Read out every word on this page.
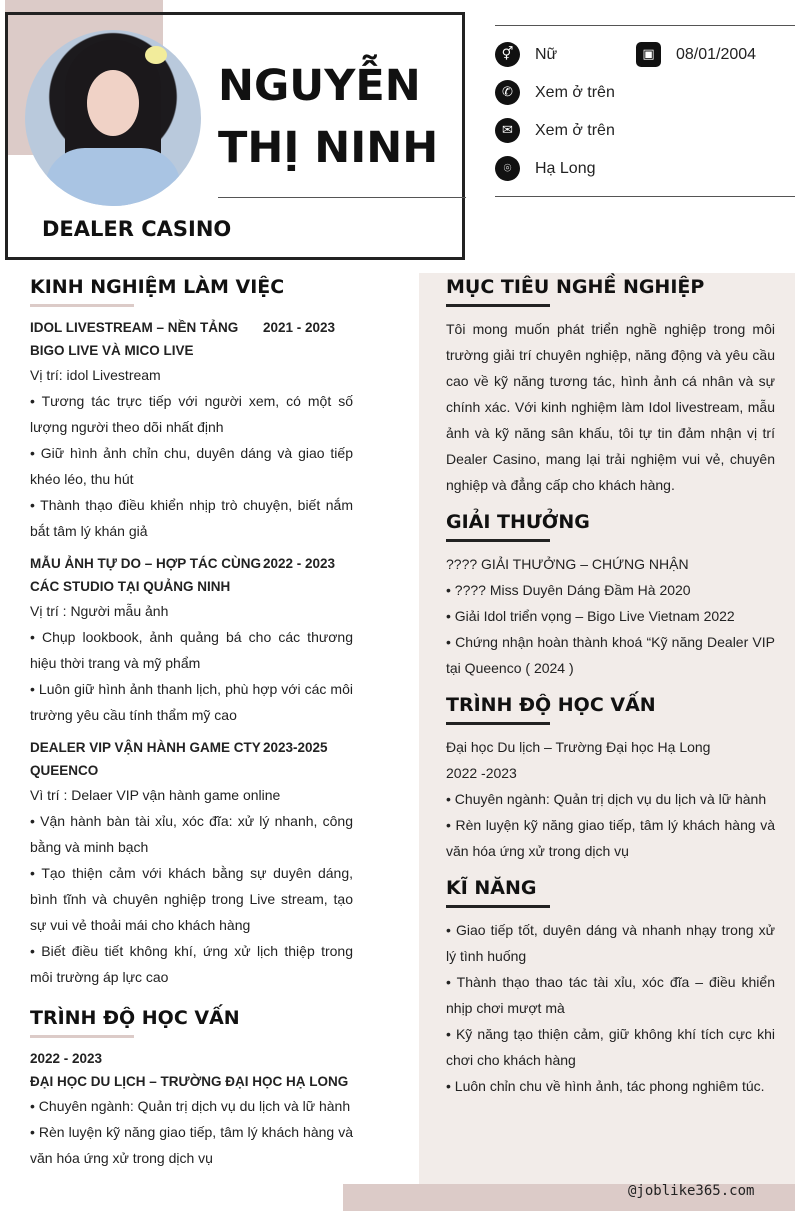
NGUYỄN
THỊ NINH
DEALER CASINO
⚥	Nữ	▣	08/01/2004
✆	Xem ở trên
✉	Xem ở trên
⌾	Hạ Long
KINH NGHIỆM LÀM VIỆC
IDOL LIVESTREAM – NỀN TẢNG BIGO LIVE VÀ MICO LIVE
2021 - 2023

Vị trí: idol Livestream

• Tương tác trực tiếp với người xem, có một số lượng người theo dõi nhất định

• Giữ hình ảnh chỉn chu, duyên dáng và giao tiếp khéo léo, thu hút

• Thành thạo điều khiển nhịp trò chuyện, biết nắm bắt tâm lý khán giả

MẪU ẢNH TỰ DO – HỢP TÁC CÙNG CÁC STUDIO TẠI QUẢNG NINH
2022 - 2023

Vị trí : Người mẫu ảnh

• Chụp lookbook, ảnh quảng bá cho các thương hiệu thời trang và mỹ phẩm

• Luôn giữ hình ảnh thanh lịch, phù hợp với các môi trường yêu cầu tính thẩm mỹ cao

DEALER VIP VẬN HÀNH GAME CTY QUEENCO
2023-2025

Vì trí : Delaer VIP vận hành game online

• Vận hành bàn tài xỉu, xóc đĩa: xử lý nhanh, công bằng và minh bạch

• Tạo thiện cảm với khách bằng sự duyên dáng, bình tĩnh và chuyên nghiệp trong Live stream, tạo sự vui vẻ thoải mái cho khách hàng

• Biết điều tiết không khí, ứng xử lịch thiệp trong môi trường áp lực cao

TRÌNH ĐỘ HỌC VẤN
2022 - 2023
ĐẠI HỌC DU LỊCH – TRƯỜNG ĐẠI HỌC HẠ LONG

• Chuyên ngành: Quản trị dịch vụ du lịch và lữ hành

• Rèn luyện kỹ năng giao tiếp, tâm lý khách hàng và văn hóa ứng xử trong dịch vụ

MỤC TIÊU NGHỀ NGHIỆP

Tôi mong muốn phát triển nghề nghiệp trong môi trường giải trí chuyên nghiệp, năng động và yêu cầu cao về kỹ năng tương tác, hình ảnh cá nhân và sự chính xác. Với kinh nghiệm làm Idol livestream, mẫu ảnh và kỹ năng sân khấu, tôi tự tin đảm nhận vị trí Dealer Casino, mang lại trải nghiệm vui vẻ, chuyên nghiệp và đẳng cấp cho khách hàng.

GIẢI THƯỞNG

???? GIẢI THƯỞNG – CHỨNG NHẬN

• ???? Miss Duyên Dáng Đầm Hà 2020

• Giải Idol triển vọng – Bigo Live Vietnam 2022

• Chứng nhận hoàn thành khoá “Kỹ năng Dealer VIP tại Queenco ( 2024 )

TRÌNH ĐỘ HỌC VẤN

Đại học Du lịch – Trường Đại học Hạ Long

2022 -2023

• Chuyên ngành: Quản trị dịch vụ du lịch và lữ hành

• Rèn luyện kỹ năng giao tiếp, tâm lý khách hàng và văn hóa ứng xử trong dịch vụ

KĨ NĂNG

• Giao tiếp tốt, duyên dáng và nhanh nhạy trong xử lý tình huống

• Thành thạo thao tác tài xỉu, xóc đĩa – điều khiển nhịp chơi mượt mà

• Kỹ năng tạo thiện cảm, giữ không khí tích cực khi chơi cho khách hàng

• Luôn chỉn chu về hình ảnh, tác phong nghiêm túc.

@joblike365.com
